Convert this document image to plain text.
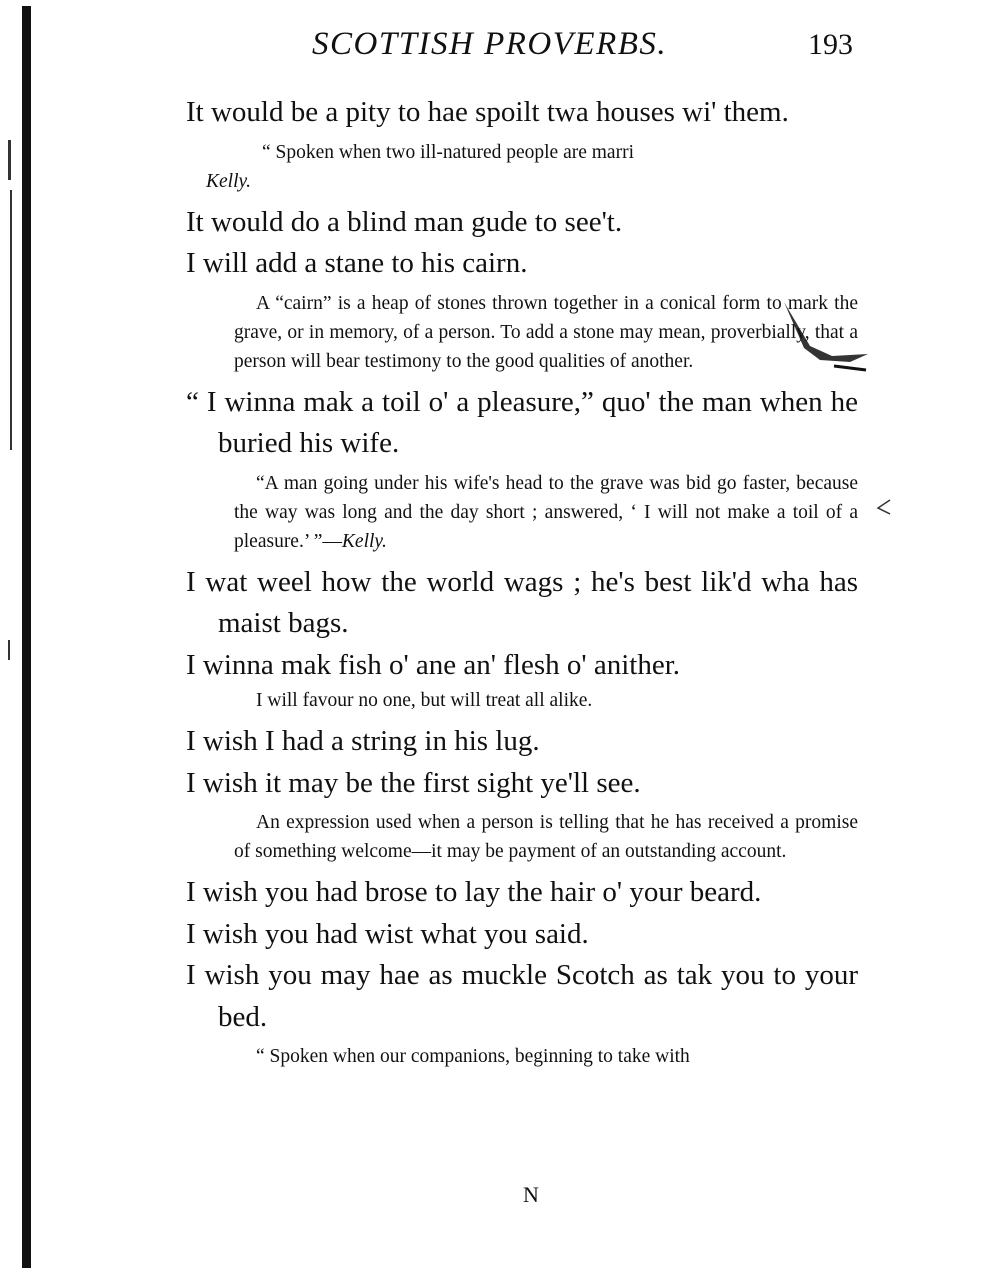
SCOTTISH PROVERBS.	193

It would be a pity to hae spoilt twa houses wi' them.

“ Spoken when two ill-natured people are marri
Kelly.

It would do a blind man gude to see't.

I will add a stane to his cairn.

A “cairn” is a heap of stones thrown together in a conical form to mark the grave, or in memory, of a person. To add a stone may mean, proverbially, that a person will bear testimony to the good qualities of another.

“ I winna mak a toil o' a pleasure,” quo' the man when he buried his wife.

“A man going under his wife's head to the grave was bid go faster, because the way was long and the day short ; answered, ‘ I will not make a toil of a pleasure.’ ”—Kelly.

I wat weel how the world wags ; he's best lik'd wha has maist bags.

I winna mak fish o' ane an' flesh o' anither.

I will favour no one, but will treat all alike.

I wish I had a string in his lug.

I wish it may be the first sight ye'll see.

An expression used when a person is telling that he has received a promise of something welcome—it may be payment of an outstanding account.

I wish you had brose to lay the hair o' your beard.

I wish you had wist what you said.

I wish you may hae as muckle Scotch as tak you to your bed.

“ Spoken when our companions, beginning to take with

N
